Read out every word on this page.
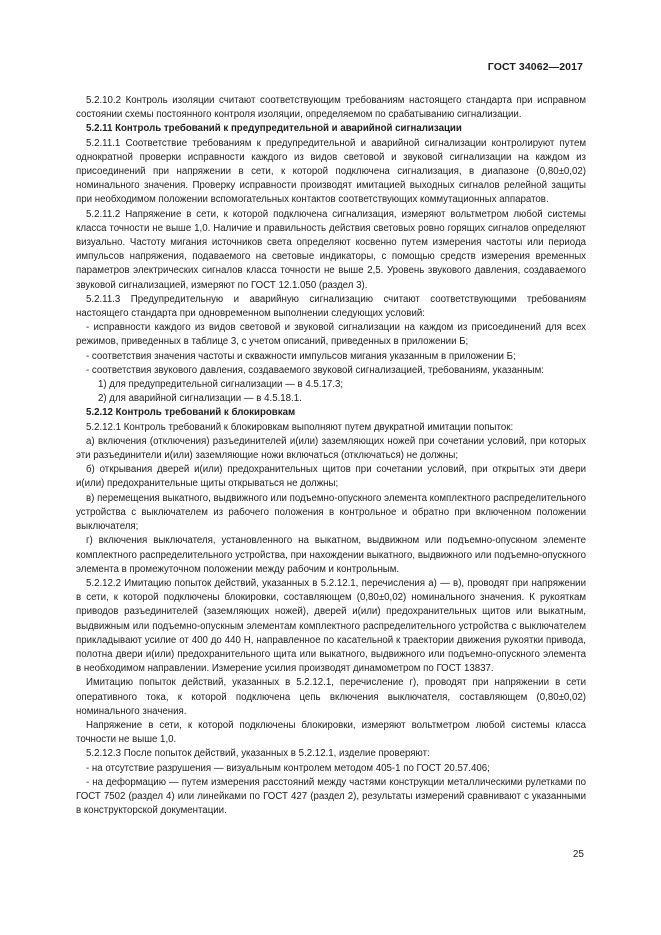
ГОСТ 34062—2017

5.2.10.2 Контроль изоляции считают соответствующим требованиям настоящего стандарта при исправном состоянии схемы постоянного контроля изоляции, определяемом по срабатыванию сигнализации.

5.2.11 Контроль требований к предупредительной и аварийной сигнализации

5.2.11.1 Соответствие требованиям к предупредительной и аварийной сигнализации контролируют путем однократной проверки исправности каждого из видов световой и звуковой сигнализации на каждом из присоединений при напряжении в сети, к которой подключена сигнализация, в диапазоне (0,80±0,02) номинального значения. Проверку исправности производят имитацией выходных сигналов релейной защиты при необходимом положении вспомогательных контактов соответствующих коммутационных аппаратов.

5.2.11.2 Напряжение в сети, к которой подключена сигнализация, измеряют вольтметром любой системы класса точности не выше 1,0. Наличие и правильность действия световых ровно горящих сигналов определяют визуально. Частоту мигания источников света определяют косвенно путем измерения частоты или периода импульсов напряжения, подаваемого на световые индикаторы, с помощью средств измерения временных параметров электрических сигналов класса точности не выше 2,5. Уровень звукового давления, создаваемого звуковой сигнализацией, измеряют по ГОСТ 12.1.050 (раздел 3).

5.2.11.3 Предупредительную и аварийную сигнализацию считают соответствующими требованиям настоящего стандарта при одновременном выполнении следующих условий:

- исправности каждого из видов световой и звуковой сигнализации на каждом из присоединений для всех режимов, приведенных в таблице 3, с учетом описаний, приведенных в приложении Б;

- соответствия значения частоты и скважности импульсов мигания указанным в приложении Б;

- соответствия звукового давления, создаваемого звуковой сигнализацией, требованиям, указанным:

1) для предупредительной сигнализации — в 4.5.17.3;

2) для аварийной сигнализации — в 4.5.18.1.

5.2.12 Контроль требований к блокировкам

5.2.12.1 Контроль требований к блокировкам выполняют путем двукратной имитации попыток:

а) включения (отключения) разъединителей и(или) заземляющих ножей при сочетании условий, при которых эти разъединители и(или) заземляющие ножи включаться (отключаться) не должны;

б) открывания дверей и(или) предохранительных щитов при сочетании условий, при открытых эти двери и(или) предохранительные щиты открываться не должны;

в) перемещения выкатного, выдвижного или подъемно-опускного элемента комплектного распределительного устройства с выключателем из рабочего положения в контрольное и обратно при включенном положении выключателя;

г) включения выключателя, установленного на выкатном, выдвижном или подъемно-опускном элементе комплектного распределительного устройства, при нахождении выкатного, выдвижного или подъемно-опускного элемента в промежуточном положении между рабочим и контрольным.

5.2.12.2 Имитацию попыток действий, указанных в 5.2.12.1, перечисления а) — в), проводят при напряжении в сети, к которой подключены блокировки, составляющем (0,80±0,02) номинального значения. К рукояткам приводов разъединителей (заземляющих ножей), дверей и(или) предохранительных щитов или выкатным, выдвижным или подъемно-опускным элементам комплектного распределительного устройства с выключателем прикладывают усилие от 400 до 440 Н, направленное по касательной к траектории движения рукоятки привода, полотна двери и(или) предохранительного щита или выкатного, выдвижного или подъемно-опускного элемента в необходимом направлении. Измерение усилия производят динамометром по ГОСТ 13837.

Имитацию попыток действий, указанных в 5.2.12.1, перечисление г), проводят при напряжении в сети оперативного тока, к которой подключена цепь включения выключателя, составляющем (0,80±0,02) номинального значения.

Напряжение в сети, к которой подключены блокировки, измеряют вольтметром любой системы класса точности не выше 1,0.

5.2.12.3 После попыток действий, указанных в 5.2.12.1, изделие проверяют:

- на отсутствие разрушения — визуальным контролем методом 405-1 по ГОСТ 20.57.406;

- на деформацию — путем измерения расстояний между частями конструкции металлическими рулетками по ГОСТ 7502 (раздел 4) или линейками по ГОСТ 427 (раздел 2), результаты измерений сравнивают с указанными в конструкторской документации.

25
